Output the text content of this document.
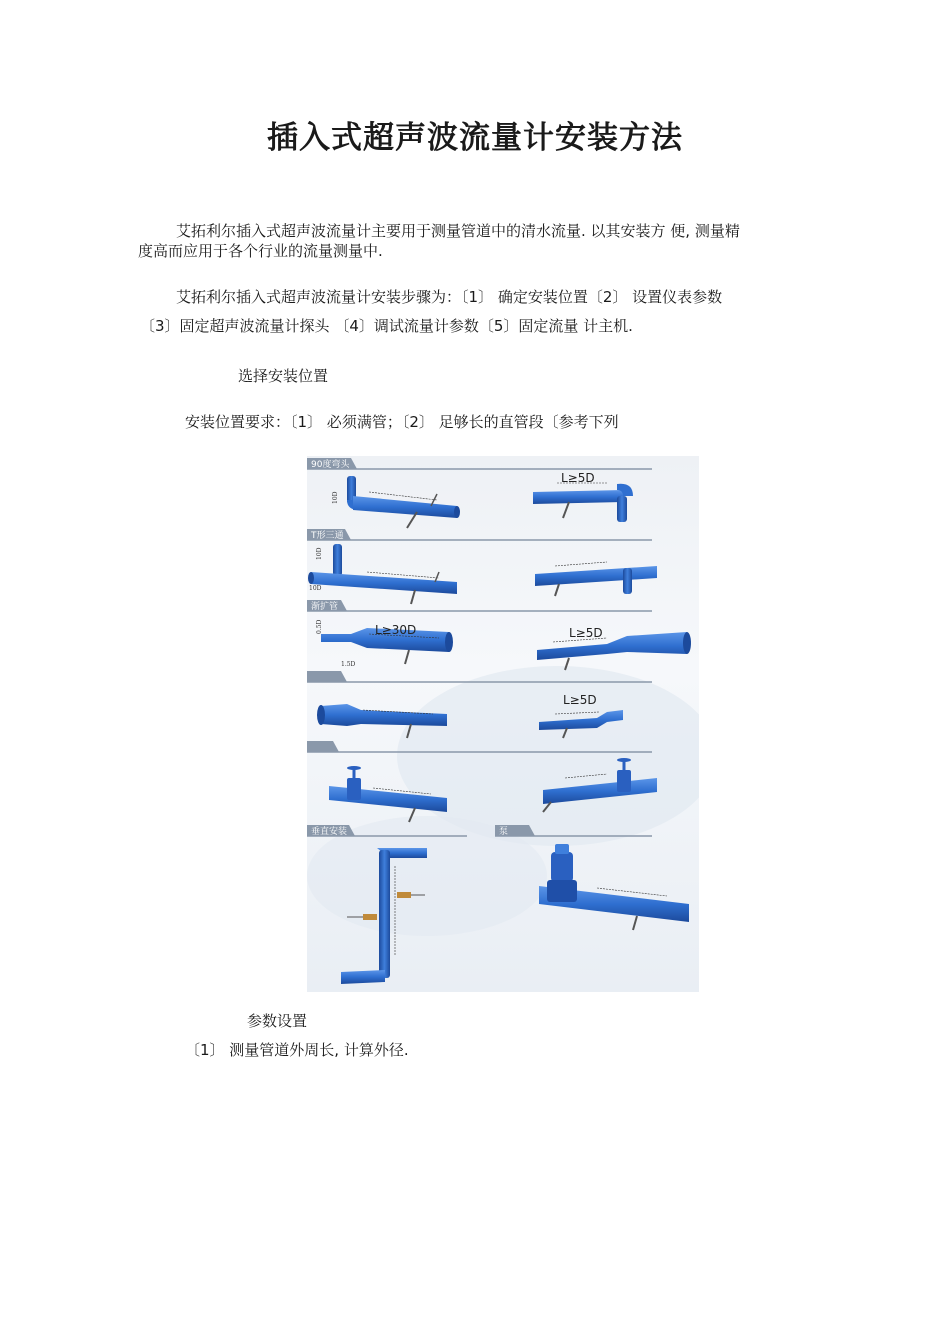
插入式超声波流量计安装方法
艾拓利尔插入式超声波流量计主要用于测量管道中的清水流量. 以其安装方 便, 测量精
度高而应用于各个行业的流量测量中.
艾拓利尔插入式超声波流量计安装步骤为：〔1〕 确定安装位置〔2〕 设置仪表参数
〔3〕固定超声波流量计探头 〔4〕调试流量计参数〔5〕固定流量 计主机.
选择安装位置
安装位置要求：〔1〕 必须满管；〔2〕 足够长的直管段〔参考下列
90度弯头
T形三通
渐扩管
垂直安装	泵
10D
L≥5D
10D
10D
L≥30D
0.5D
1.5D
L≥5D
L≥5D
参数设置
〔1〕 测量管道外周长, 计算外径.
